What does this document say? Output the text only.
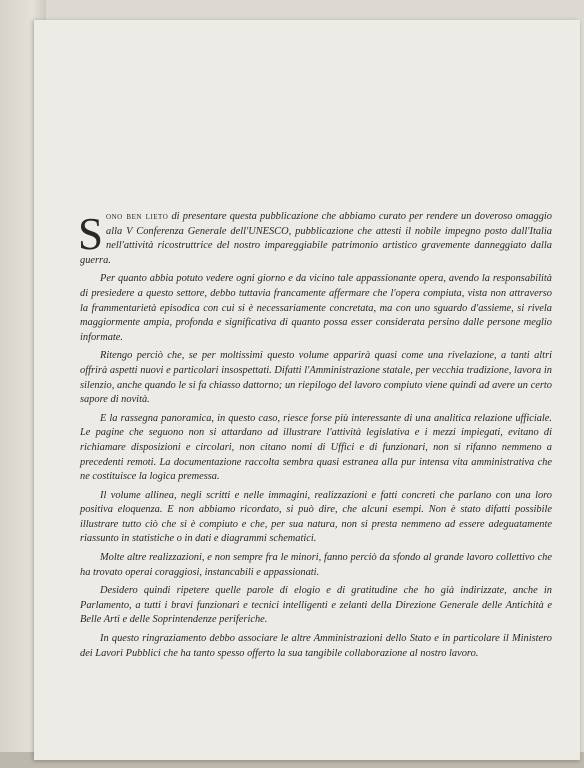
Sono ben lieto di presentare questa pubblicazione che abbiamo curato per rendere un doveroso omaggio alla V Conferenza Generale dell'UNESCO, pubblicazione che attesti il nobile impegno posto dall'Italia nell'attività ricostruttrice del nostro impareggiabile patrimonio artistico gravemente danneggiato dalla guerra.

Per quanto abbia potuto vedere ogni giorno e da vicino tale appassionante opera, avendo la responsabilità di presiedere a questo settore, debbo tuttavia francamente affermare che l'opera compiuta, vista non attraverso la frammentarietà episodica con cui si è necessariamente concretata, ma con uno sguardo d'assieme, si rivela maggiormente ampia, profonda e significativa di quanto possa esser considerata persino dalle persone meglio informate.

Ritengo perciò che, se per moltissimi questo volume apparirà quasi come una rivelazione, a tanti altri offrirà aspetti nuovi e particolari insospettati. Difatti l'Amministrazione statale, per vecchia tradizione, lavora in silenzio, anche quando le si fa chiasso dattorno; un riepilogo del lavoro compiuto viene quindi ad avere un certo sapore di novità.

E la rassegna panoramica, in questo caso, riesce forse più interessante di una analitica relazione ufficiale. Le pagine che seguono non si attardano ad illustrare l'attività legislativa e i mezzi impiegati, evitano di richiamare disposizioni e circolari, non citano nomi di Uffici e di funzionari, non si rifanno nemmeno a precedenti remoti. La documentazione raccolta sembra quasi estranea alla pur intensa vita amministrativa che ne costituisce la logica premessa.

Il volume allinea, negli scritti e nelle immagini, realizzazioni e fatti concreti che parlano con una loro positiva eloquenza. E non abbiamo ricordato, si può dire, che alcuni esempi. Non è stato difatti possibile illustrare tutto ciò che si è compiuto e che, per sua natura, non si presta nemmeno ad essere adeguatamente riassunto in statistiche o in dati e diagrammi schematici.

Molte altre realizzazioni, e non sempre fra le minori, fanno perciò da sfondo al grande lavoro collettivo che ha trovato operai coraggiosi, instancabili e appassionati.

Desidero quindi ripetere quelle parole di elogio e di gratitudine che ho già indirizzate, anche in Parlamento, a tutti i bravi funzionari e tecnici intelligenti e zelanti della Direzione Generale delle Antichità e Belle Arti e delle Soprintendenze periferiche.

In questo ringraziamento debbo associare le altre Amministrazioni dello Stato e in particolare il Ministero dei Lavori Pubblici che ha tanto spesso offerto la sua tangibile collaborazione al nostro lavoro.
